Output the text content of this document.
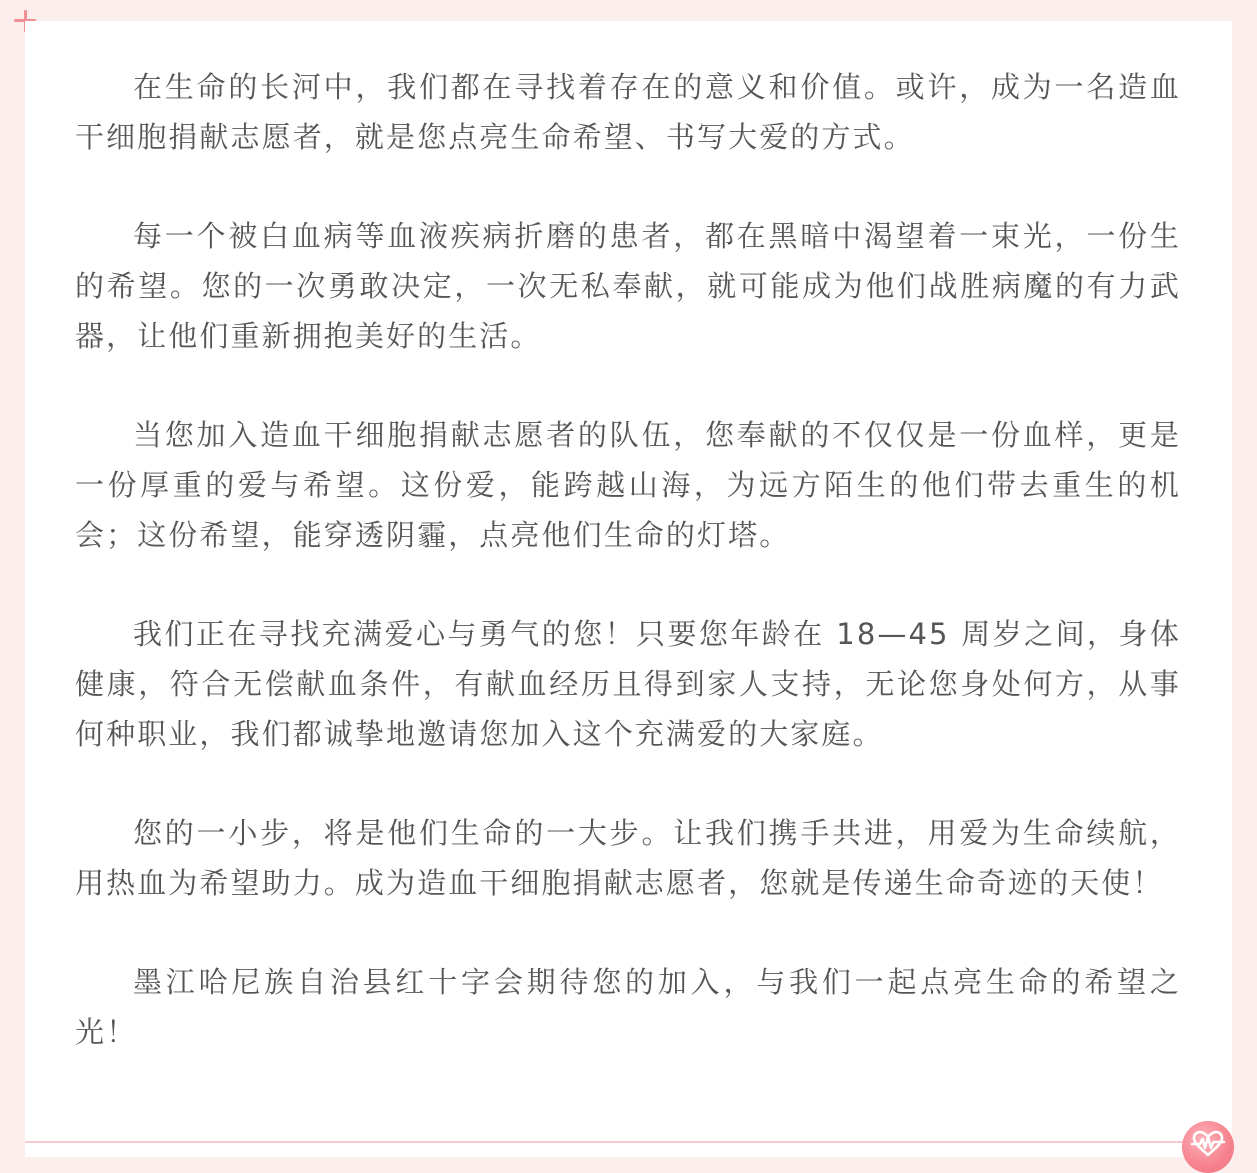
在生命的长河中，我们都在寻找着存在的意义和价值。或许，成为一名造血干细胞捐献志愿者，就是您点亮生命希望、书写大爱的方式。

每一个被白血病等血液疾病折磨的患者，都在黑暗中渴望着一束光，一份生的希望。您的一次勇敢决定，一次无私奉献，就可能成为他们战胜病魔的有力武器，让他们重新拥抱美好的生活。

当您加入造血干细胞捐献志愿者的队伍，您奉献的不仅仅是一份血样，更是一份厚重的爱与希望。这份爱，能跨越山海，为远方陌生的他们带去重生的机会；这份希望，能穿透阴霾，点亮他们生命的灯塔。

我们正在寻找充满爱心与勇气的您！只要您年龄在 18—45 周岁之间，身体健康，符合无偿献血条件，有献血经历且得到家人支持，无论您身处何方，从事何种职业，我们都诚挚地邀请您加入这个充满爱的大家庭。

您的一小步，将是他们生命的一大步。让我们携手共进，用爱为生命续航，用热血为希望助力。成为造血干细胞捐献志愿者，您就是传递生命奇迹的天使！

墨江哈尼族自治县红十字会期待您的加入，与我们一起点亮生命的希望之光！
